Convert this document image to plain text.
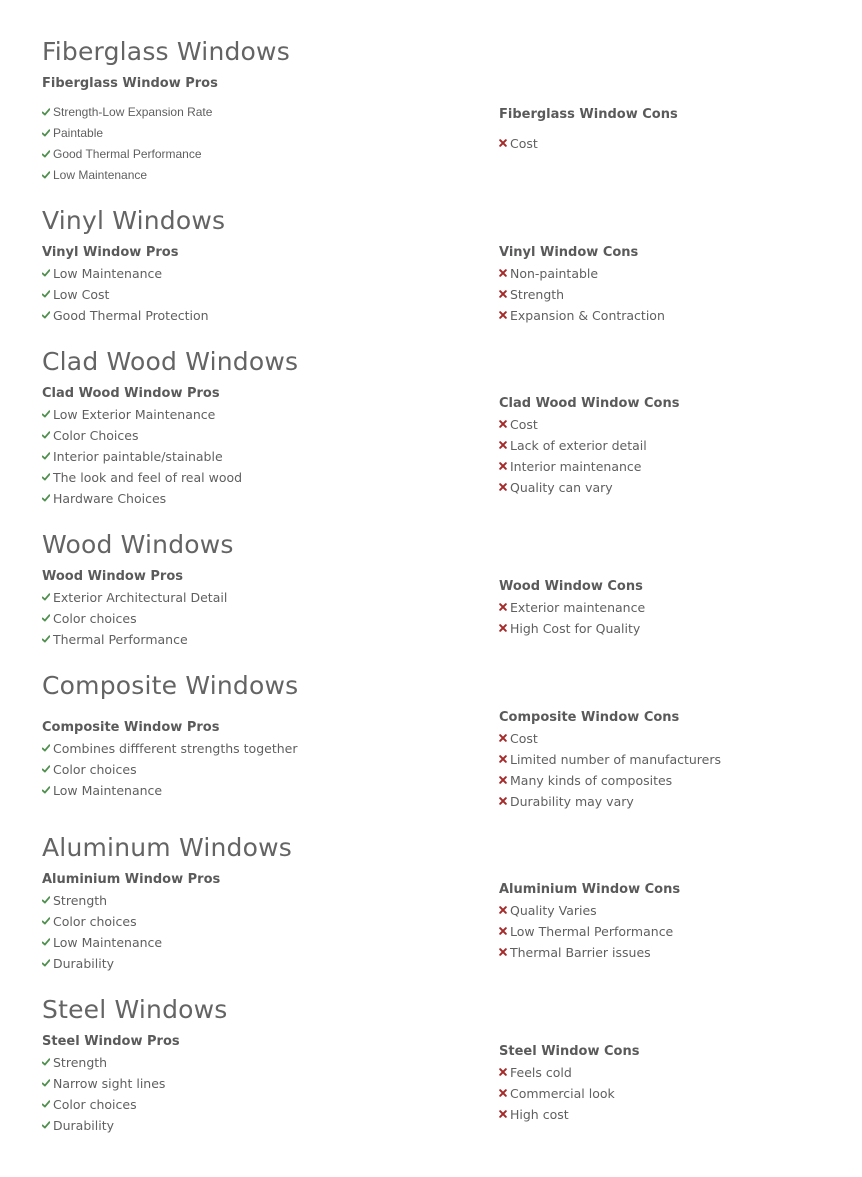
Fiberglass Windows
Fiberglass Window Pros
Strength-Low Expansion Rate
Paintable
Good Thermal Performance
Low Maintenance
Fiberglass Window Cons
Cost
Vinyl Windows
Vinyl Window Pros
Low Maintenance
Low Cost
Good Thermal Protection
Vinyl Window Cons
Non-paintable
Strength
Expansion & Contraction
Clad Wood Windows
Clad Wood Window Pros
Low Exterior Maintenance
Color Choices
Interior paintable/stainable
The look and feel of real wood
Hardware Choices
Clad Wood Window Cons
Cost
Lack of exterior detail
Interior maintenance
Quality can vary
Wood Windows
Wood Window Pros
Exterior Architectural Detail
Color choices
Thermal Performance
Wood Window Cons
Exterior maintenance
High Cost for Quality
Composite Windows
Composite Window Pros
Combines diffferent strengths together
Color choices
Low Maintenance
Composite Window Cons
Cost
Limited number of manufacturers
Many kinds of composites
Durability may vary
Aluminum Windows
Aluminium Window Pros
Strength
Color choices
Low Maintenance
Durability
Aluminium Window Cons
Quality Varies
Low Thermal Performance
Thermal Barrier issues
Steel Windows
Steel Window Pros
Strength
Narrow sight lines
Color choices
Durability
Steel Window Cons
Feels cold
Commercial look
High cost
